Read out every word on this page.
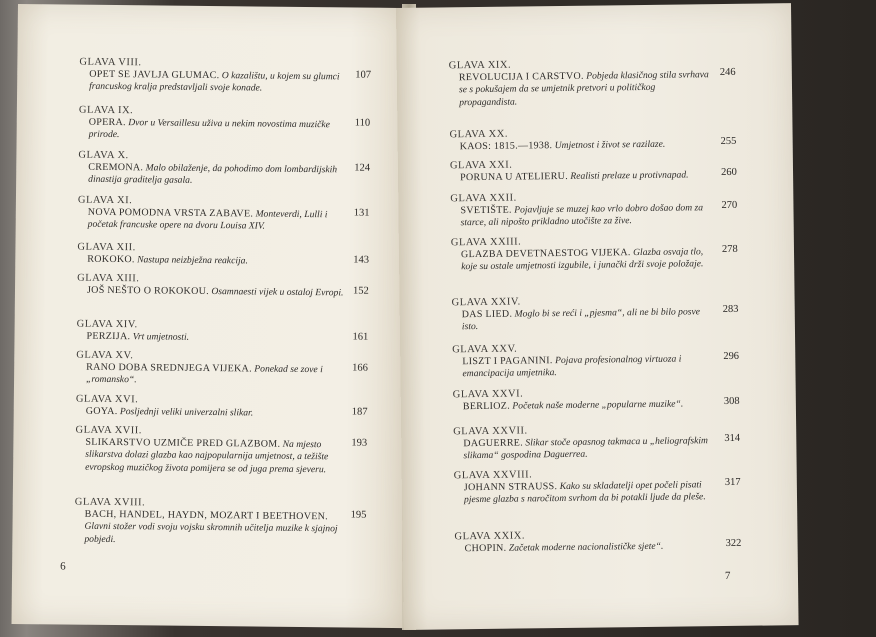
GLAVA VIII.
OPET SE JAVLJA GLUMAC. O kazalištu, u kojem su glumci francuskog kralja predstavljali svoje konade.
107
GLAVA IX.
OPERA. Dvor u Versaillesu uživa u nekim novostima muzičke prirode.
110
GLAVA X.
CREMONA. Malo obilaženje, da pohodimo dom lombardijskih dinastija graditelja gasala.
124
GLAVA XI.
NOVA POMODNA VRSTA ZABAVE. Monteverdi, Lulli i početak francuske opere na dvoru Louisa XIV.
131
GLAVA XII.
ROKOKO. Nastupa neizbježna reakcija.	143
GLAVA XIII.
JOŠ NEŠTO O ROKOKOU. Osamnaesti vijek u ostaloj Evropi. 152
GLAVA XIV.
PERZIJA. Vrt umjetnosti.	161
GLAVA XV.
RANO DOBA SREDNJEGA VIJEKA. Ponekad se zove i „romansko“.
166
GLAVA XVI.
GOYA. Posljednji veliki univerzalni slikar.	187
GLAVA XVII.
SLIKARSTVO UZMIČE PRED GLAZBOM. Na mjesto slikarstva dolazi glazba kao najpopularnija umjetnost, a težište evropskog muzičkog života pomijera se od juga prema sjeveru.
193
GLAVA XVIII.
BACH, HANDEL, HAYDN, MOZART I BEETHOVEN. Glavni stožer vodi svoju vojsku skromnih učitelja muzike k sjajnoj pobjedi.
195
6
GLAVA XIX.
REVOLUCIJA I CARSTVO. Pobjeda klasičnog stila svrhava se s pokušajem da se umjetnik pretvori u političkog propagandista.
246
GLAVA XX.
KAOS: 1815.—1938. Umjetnost i život se razilaze.	255
GLAVA XXI.
PORUNA U ATELIERU. Realisti prelaze u protivnapad.	260
GLAVA XXII.
SVETIŠTE. Pojavljuje se muzej kao vrlo dobro došao dom za starce, ali nipošto prikladno utočište za žive.
270
GLAVA XXIII.
GLAZBA DEVETNAESTOG VIJEKA. Glazba osvaja tlo, koje su ostale umjetnosti izgubile, i junački drži svoje položaje.
278
GLAVA XXIV.
DAS LIED. Moglo bi se reći i „pjesma“, ali ne bi bilo posve isto.
283
GLAVA XXV.
LISZT I PAGANINI. Pojava profesionalnog virtuoza i emancipacija umjetnika.
296
GLAVA XXVI.
BERLIOZ. Početak naše moderne „popularne muzike“.	308
GLAVA XXVII.
DAGUERRE. Slikar stoče opasnog takmaca u „heliografskim slikama“ gospodina Daguerrea.
314
GLAVA XXVIII.
JOHANN STRAUSS. Kako su skladatelji opet počeli pisati pjesme glazba s naročitom svrhom da bi potakli ljude da pleše.
317
GLAVA XXIX.
CHOPIN. Začetak moderne nacionalističke sjete“.	322
7
